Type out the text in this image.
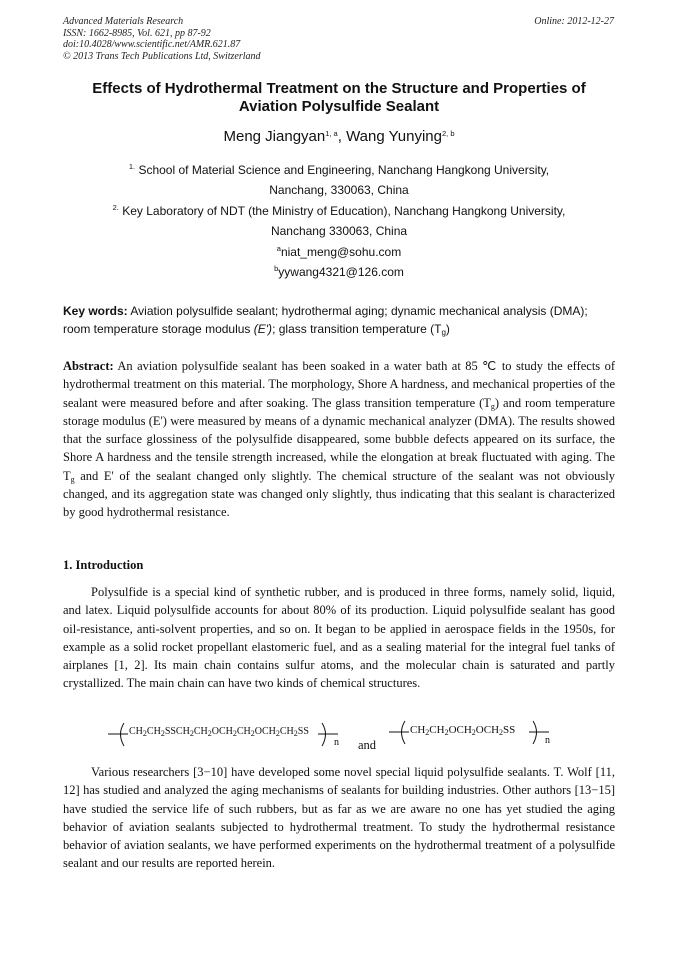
Advanced Materials Research
ISSN: 1662-8985, Vol. 621, pp 87-92
doi:10.4028/www.scientific.net/AMR.621.87
© 2013 Trans Tech Publications Ltd, Switzerland
Online: 2012-12-27
Effects of Hydrothermal Treatment on the Structure and Properties of
Aviation Polysulfide Sealant
Meng Jiangyan$^{1, a}$, Wang Yunying$^{2, b}$
$^{1.}$ School of Material Science and Engineering, Nanchang Hangkong University,
Nanchang, 330063, China
$^{2.}$ Key Laboratory of NDT (the Ministry of Education), Nanchang Hangkong University,
Nanchang 330063, China
$^a$niat_meng@sohu.com
$^b$yywang4321@126.com
Key words: Aviation polysulfide sealant; hydrothermal aging; dynamic mechanical analysis (DMA); room temperature storage modulus (E'); glass transition temperature $(T_g)$
Abstract: An aviation polysulfide sealant has been soaked in a water bath at 85 ℃ to study the effects of hydrothermal treatment on this material. The morphology, Shore A hardness, and mechanical properties of the sealant were measured before and after soaking. The glass transition temperature $(T_g)$ and room temperature storage modulus (E') were measured by means of a dynamic mechanical analyzer (DMA). The results showed that the surface glossiness of the polysulfide disappeared, some bubble defects appeared on its surface, the Shore A hardness and the tensile strength increased, while the elongation at break fluctuated with aging. The $T_g$ and E' of the sealant changed only slightly. The chemical structure of the sealant was not obviously changed, and its aggregation state was changed only slightly, thus indicating that this sealant is characterized by good hydrothermal resistance.
1. Introduction
Polysulfide is a special kind of synthetic rubber, and is produced in three forms, namely solid, liquid, and latex. Liquid polysulfide accounts for about 80% of its production. Liquid polysulfide sealant has good oil-resistance, anti-solvent properties, and so on. It began to be applied in aerospace fields in the 1950s, for example as a solid rocket propellant elastomeric fuel, and as a sealing material for the integral fuel tanks of airplanes [1, 2]. Its main chain contains sulfur atoms, and the molecular chain is saturated and partly crystallized. The main chain can have two kinds of chemical structures.
$CH_2CH_2SSCH_2CH_2OCH_2CH_2OCH_2CH_2SS$
n and
$CH_2CH_2OCH_2OCH_2SS$
n
Various researchers [3−10] have developed some novel special liquid polysulfide sealants. T. Wolf [11, 12] has studied and analyzed the aging mechanisms of sealants for building industries. Other authors [13−15] have studied the service life of such rubbers, but as far as we are aware no one has yet studied the aging behavior of aviation sealants subjected to hydrothermal treatment. To study the hydrothermal resistance behavior of aviation sealants, we have performed experiments on the hydrothermal treatment of a polysulfide sealant and our results are reported herein.
